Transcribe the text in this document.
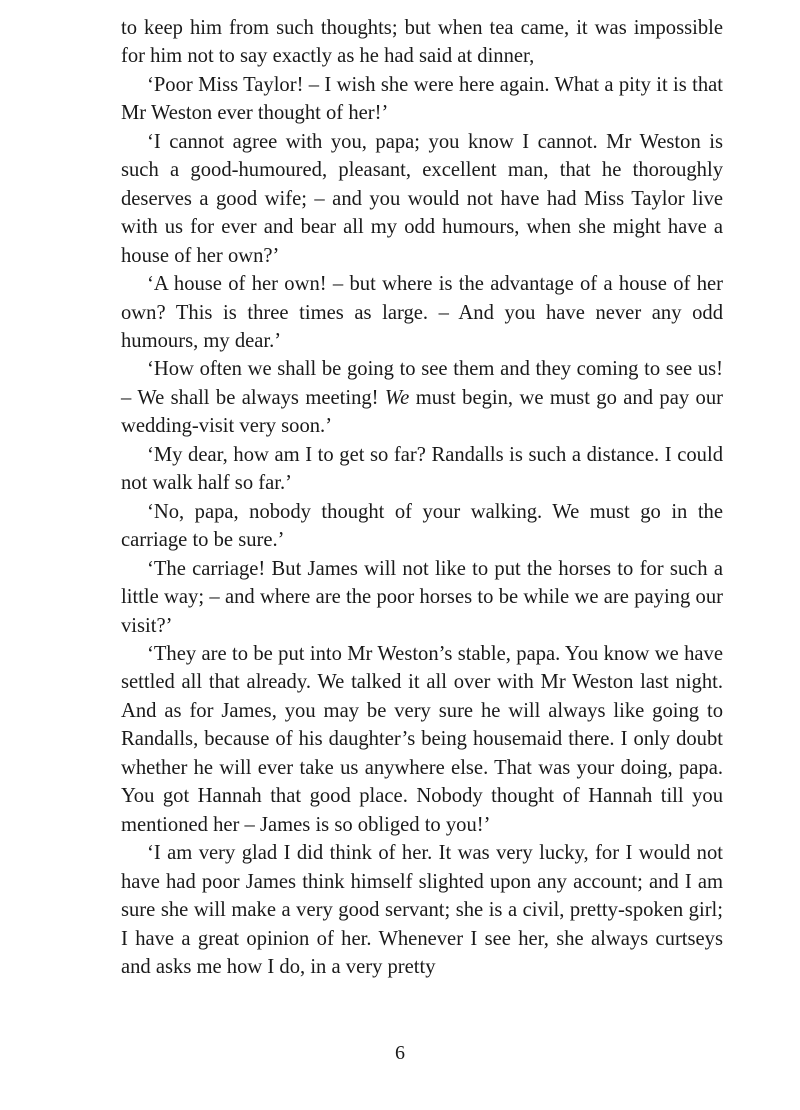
to keep him from such thoughts; but when tea came, it was impossible for him not to say exactly as he had said at dinner,

‘Poor Miss Taylor! – I wish she were here again. What a pity it is that Mr Weston ever thought of her!’

‘I cannot agree with you, papa; you know I cannot. Mr Weston is such a good-humoured, pleasant, excellent man, that he thoroughly deserves a good wife; – and you would not have had Miss Taylor live with us for ever and bear all my odd humours, when she might have a house of her own?’

‘A house of her own! – but where is the advantage of a house of her own? This is three times as large. – And you have never any odd humours, my dear.’

‘How often we shall be going to see them and they coming to see us! – We shall be always meeting! We must begin, we must go and pay our wedding-visit very soon.’

‘My dear, how am I to get so far? Randalls is such a distance. I could not walk half so far.’

‘No, papa, nobody thought of your walking. We must go in the carriage to be sure.’

‘The carriage! But James will not like to put the horses to for such a little way; – and where are the poor horses to be while we are paying our visit?’

‘They are to be put into Mr Weston’s stable, papa. You know we have settled all that already. We talked it all over with Mr Weston last night. And as for James, you may be very sure he will always like going to Randalls, because of his daughter’s being housemaid there. I only doubt whether he will ever take us anywhere else. That was your doing, papa. You got Hannah that good place. Nobody thought of Hannah till you mentioned her – James is so obliged to you!’

‘I am very glad I did think of her. It was very lucky, for I would not have had poor James think himself slighted upon any account; and I am sure she will make a very good servant; she is a civil, pretty-spoken girl; I have a great opinion of her. Whenever I see her, she always curtseys and asks me how I do, in a very pretty

6
